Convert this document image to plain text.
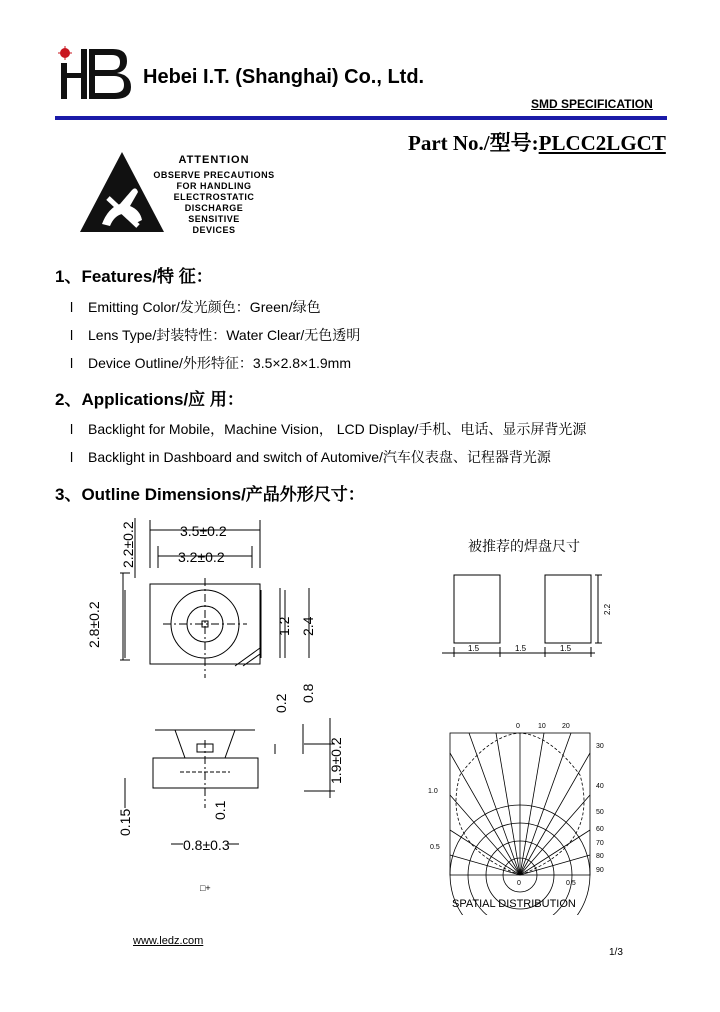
Hebei I.T. (Shanghai) Co., Ltd.
SMD SPECIFICATION
Part No./型号:PLCC2LGCT
ATTENTION
OBSERVE PRECAUTIONS
FOR HANDLING
ELECTROSTATIC
DISCHARGE
SENSITIVE
DEVICES
1、Features/特 征：
l Emitting Color/发光颜色：Green/绿色
l Lens Type/封装特性：Water Clear/无色透明
l Device Outline/外形特征：3.5×2.8×1.9mm
2、Applications/应 用：
l Backlight for Mobile，Machine Vision， LCD Display/手机、电话、显示屏背光源
l Backlight in Dashboard and switch of Automive/汽车仪表盘、记程器背光源
3、Outline Dimensions/产品外形尺寸：
3.5±0.2
3.2±0.2
2.2±0.2
2.8±0.2	1.2 2.4
0.2
0.8
1.9±0.2
0.15	0.1
0.8±0.3
□+
被推荐的焊盘尺寸
1.5	1.5	1.5
2.2
0	10 20
30
40
50
60
70
80
90
1.0
0.5
0	0.5
SPATIAL DISTRIBUTION
www.ledz.com
1/3
